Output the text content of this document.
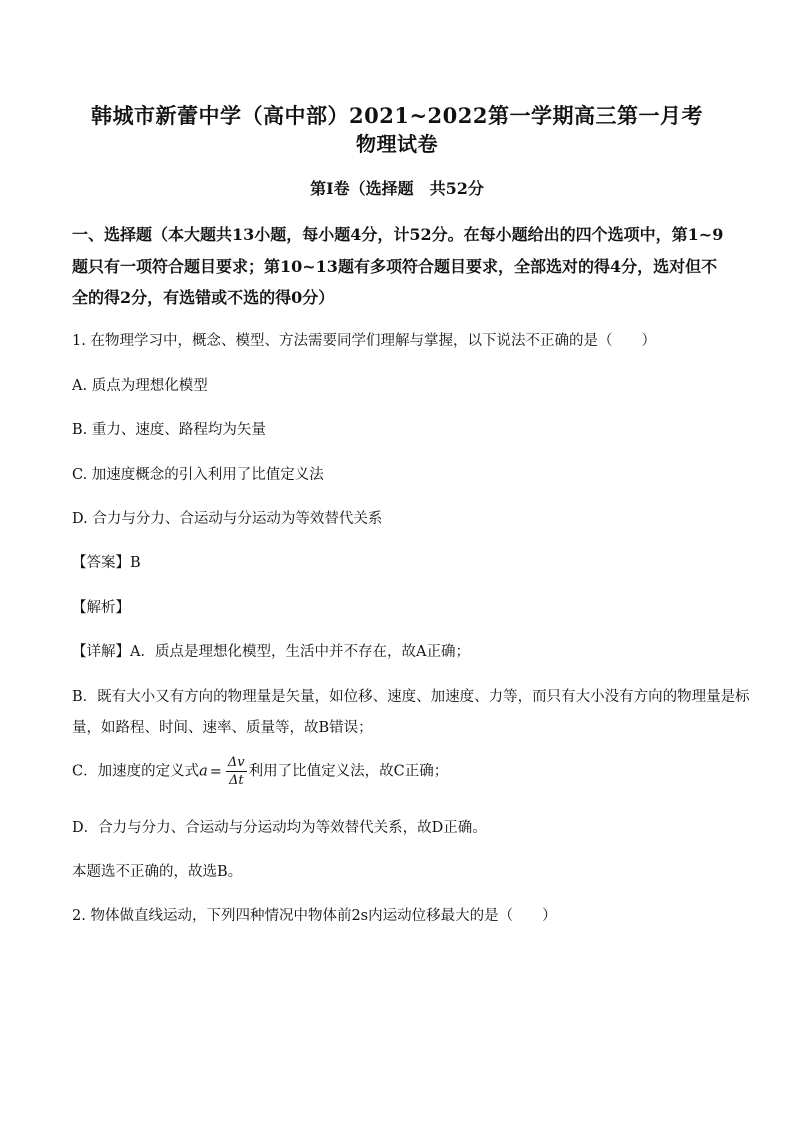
韩城市新蕾中学（高中部）2021~2022第一学期高三第一月考
物理试卷
第I卷（选择题　共52分
一、选择题（本大题共13小题，每小题4分，计52分。在每小题给出的四个选项中，第1~9
题只有一项符合题目要求；第10~13题有多项符合题目要求，全部选对的得4分，选对但不
全的得2分，有选错或不选的得0分）
1. 在物理学习中，概念、模型、方法需要同学们理解与掌握，以下说法不正确的是（　　）
A. 质点为理想化模型
B. 重力、速度、路程均为矢量
C. 加速度概念的引入利用了比值定义法
D. 合力与分力、合运动与分运动为等效替代关系
【答案】B
【解析】
【详解】A．质点是理想化模型，生活中并不存在，故A正确；
B．既有大小又有方向的物理量是矢量，如位移、速度、加速度、力等，而只有大小没有方向的物理量是标
量，如路程、时间、速率、质量等，故B错误；
C．加速度的定义式$a = \frac{\Delta v}{\Delta t}$ 利用了比值定义法，故C正确；
D．合力与分力、合运动与分运动均为等效替代关系，故D正确。
本题选不正确的，故选B。
2. 物体做直线运动，下列四种情况中物体前2s内运动位移最大的是（　　）
